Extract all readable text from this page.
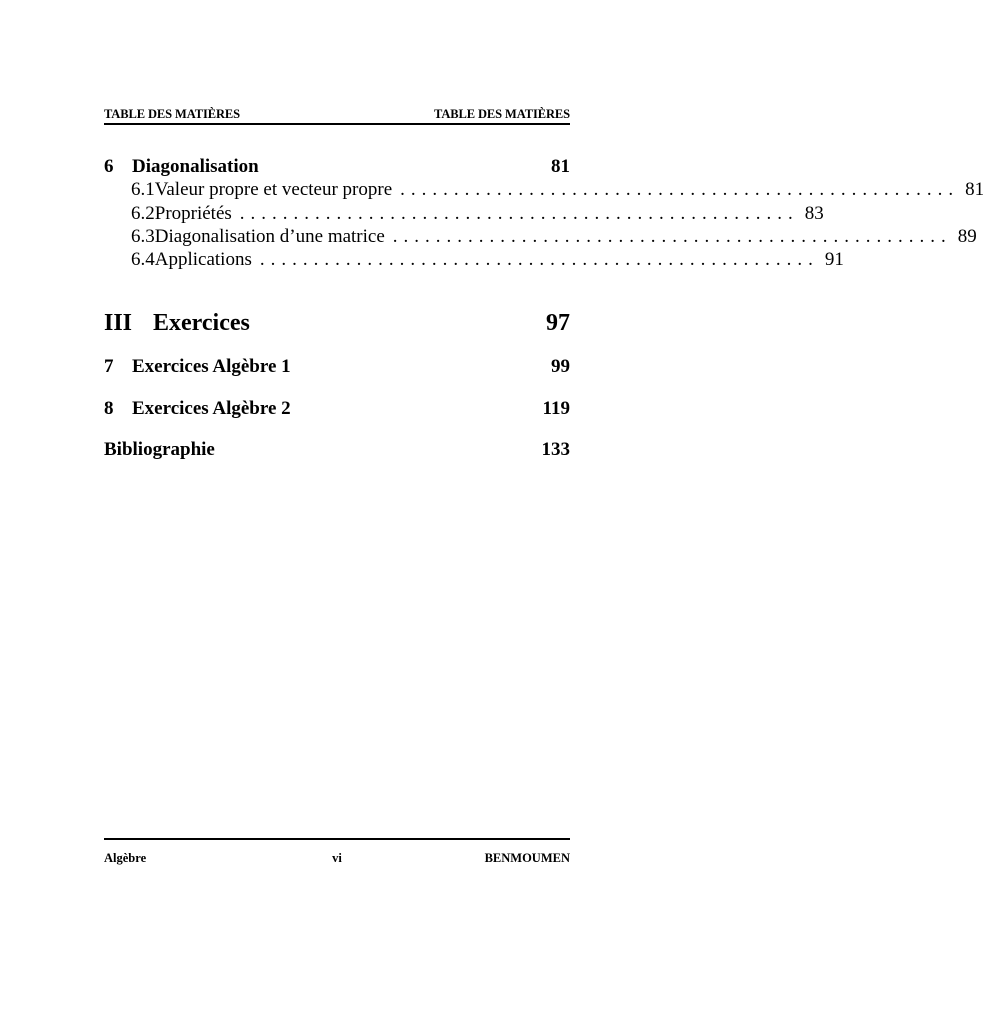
TABLE DES MATIÈRES	TABLE DES MATIÈRES
6 Diagonalisation	81
6.1 Valeur propre et vecteur propre .................................................... 81
6.2 Propriétés .................................................... 83
6.3 Diagonalisation d’une matrice .................................................... 89
6.4 Applications .................................................... 91
III Exercices	97
7 Exercices Algèbre 1	99
8 Exercices Algèbre 2	119
Bibliographie	133
Algèbre	vi	BENMOUMEN
